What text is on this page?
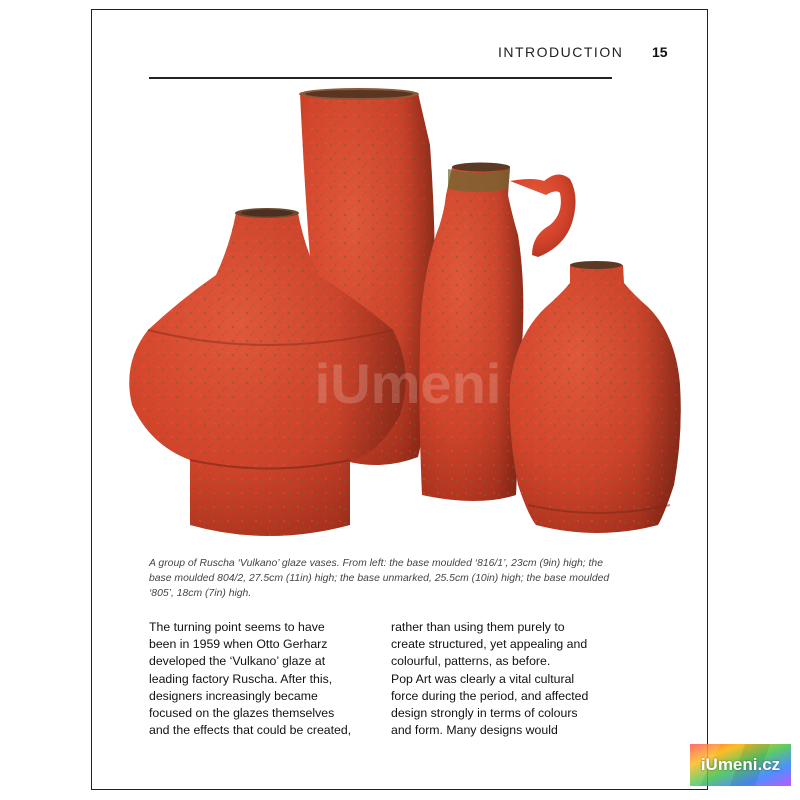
INTRODUCTION 15
iUmeni
A group of Ruscha ‘Vulkano’ glaze vases. From left: the base moulded ‘816/1’, 23cm (9in) high; the base moulded 804/2, 27.5cm (11in) high; the base unmarked, 25.5cm (10in) high; the base moulded ‘805’, 18cm (7in) high.

The turning point seems to have

been in 1959 when Otto Gerharz

developed the ‘Vulkano’ glaze at

leading factory Ruscha. After this,

designers increasingly became

focused on the glazes themselves

and the effects that could be created,

rather than using them purely to

create structured, yet appealing and

colourful, patterns, as before.

Pop Art was clearly a vital cultural

force during the period, and affected

design strongly in terms of colours

and form. Many designs would

iUmeni.cz
